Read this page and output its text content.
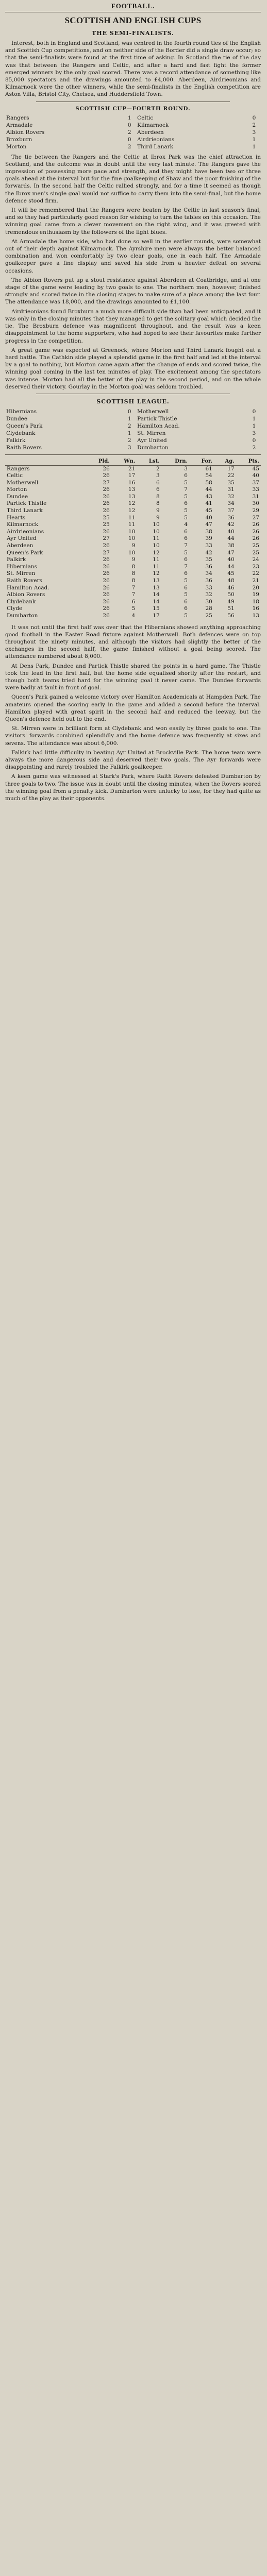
FOOTBALL.
SCOTTISH AND ENGLISH CUPS
THE SEMI-FINALISTS.

Interest, both in England and Scotland, was centred in the fourth round ties of the English and Scottish Cup competitions, and on neither side of the Border did a single draw occur; so that the semi-finalists were found at the first time of asking. In Scotland the tie of the day was that between the Rangers and Celtic, and after a hard and fast fight the former emerged winners by the only goal scored. There was a record attendance of something like 85,000 spectators and the drawings amounted to £4,000. Aberdeen, Airdrieonians and Kilmarnock were the other winners, while the semi-finalists in the English competition are Aston Villa, Bristol City, Chelsea, and Huddersfield Town.

SCOTTISH CUP—FOURTH ROUND.
Rangers	1	Celtic	0
Armadale	0	Kilmarnock	2
Albion Rovers	2	Aberdeen	3
Broxburn	0	Airdrieonians	1
Morton	2	Third Lanark	1

The tie between the Rangers and the Celtic at Ibrox Park was the chief attraction in Scotland, and the outcome was in doubt until the very last minute. The Rangers gave the impression of possessing more pace and strength, and they might have been two or three goals ahead at the interval but for the fine goalkeeping of Shaw and the poor finishing of the forwards. In the second half the Celtic rallied strongly, and for a time it seemed as though the Ibrox men's single goal would not suffice to carry them into the semi-final, but the home defence stood firm.

It will be remembered that the Rangers were beaten by the Celtic in last season's final, and so they had particularly good reason for wishing to turn the tables on this occasion. The winning goal came from a clever movement on the right wing, and it was greeted with tremendous enthusiasm by the followers of the light blues.

At Armadale the home side, who had done so well in the earlier rounds, were somewhat out of their depth against Kilmarnock. The Ayrshire men were always the better balanced combination and won comfortably by two clear goals, one in each half. The Armadale goalkeeper gave a fine display and saved his side from a heavier defeat on several occasions.

The Albion Rovers put up a stout resistance against Aberdeen at Coatbridge, and at one stage of the game were leading by two goals to one. The northern men, however, finished strongly and scored twice in the closing stages to make sure of a place among the last four. The attendance was 18,000, and the drawings amounted to £1,100.

Airdrieonians found Broxburn a much more difficult side than had been anticipated, and it was only in the closing minutes that they managed to get the solitary goal which decided the tie. The Broxburn defence was magnificent throughout, and the result was a keen disappointment to the home supporters, who had hoped to see their favourites make further progress in the competition.

A great game was expected at Greenock, where Morton and Third Lanark fought out a hard battle. The Cathkin side played a splendid game in the first half and led at the interval by a goal to nothing, but Morton came again after the change of ends and scored twice, the winning goal coming in the last ten minutes of play. The excitement among the spectators was intense. Morton had all the better of the play in the second period, and on the whole deserved their victory. Gourlay in the Morton goal was seldom troubled.

SCOTTISH LEAGUE.
Hibernians	0	Motherwell	0
Dundee	1	Partick Thistle	1
Queen's Park	2	Hamilton Acad.	1
Clydebank	1	St. Mirren	3
Falkirk	2	Ayr United	0
Raith Rovers	3	Dumbarton	2
	Pld.	Wn.	Lst.	Drn.	For.	Ag.	Pts.
Rangers	26	21	2	3	61	17	45
Celtic	26	17	3	6	54	22	40
Motherwell	27	16	6	5	58	35	37
Morton	26	13	6	7	44	31	33
Dundee	26	13	8	5	43	32	31
Partick Thistle	26	12	8	6	41	34	30
Third Lanark	26	12	9	5	45	37	29
Hearts	25	11	9	5	40	36	27
Kilmarnock	25	11	10	4	47	42	26
Airdrieonians	26	10	10	6	38	40	26
Ayr United	27	10	11	6	39	44	26
Aberdeen	26	9	10	7	33	38	25
Queen's Park	27	10	12	5	42	47	25
Falkirk	26	9	11	6	35	40	24
Hibernians	26	8	11	7	36	44	23
St. Mirren	26	8	12	6	34	45	22
Raith Rovers	26	8	13	5	36	48	21
Hamilton Acad.	26	7	13	6	33	46	20
Albion Rovers	26	7	14	5	32	50	19
Clydebank	26	6	14	6	30	49	18
Clyde	26	5	15	6	28	51	16
Dumbarton	26	4	17	5	25	56	13

It was not until the first half was over that the Hibernians showed anything approaching good football in the Easter Road fixture against Motherwell. Both defences were on top throughout the ninety minutes, and although the visitors had slightly the better of the exchanges in the second half, the game finished without a goal being scored. The attendance numbered about 8,000.

At Dens Park, Dundee and Partick Thistle shared the points in a hard game. The Thistle took the lead in the first half, but the home side equalised shortly after the restart, and though both teams tried hard for the winning goal it never came. The Dundee forwards were badly at fault in front of goal.

Queen's Park gained a welcome victory over Hamilton Academicals at Hampden Park. The amateurs opened the scoring early in the game and added a second before the interval. Hamilton played with great spirit in the second half and reduced the leeway, but the Queen's defence held out to the end.

St. Mirren were in brilliant form at Clydebank and won easily by three goals to one. The visitors' forwards combined splendidly and the home defence was frequently at sixes and sevens. The attendance was about 6,000.

Falkirk had little difficulty in beating Ayr United at Brockville Park. The home team were always the more dangerous side and deserved their two goals. The Ayr forwards were disappointing and rarely troubled the Falkirk goalkeeper.

A keen game was witnessed at Stark's Park, where Raith Rovers defeated Dumbarton by three goals to two. The issue was in doubt until the closing minutes, when the Rovers scored the winning goal from a penalty kick. Dumbarton were unlucky to lose, for they had quite as much of the play as their opponents.
